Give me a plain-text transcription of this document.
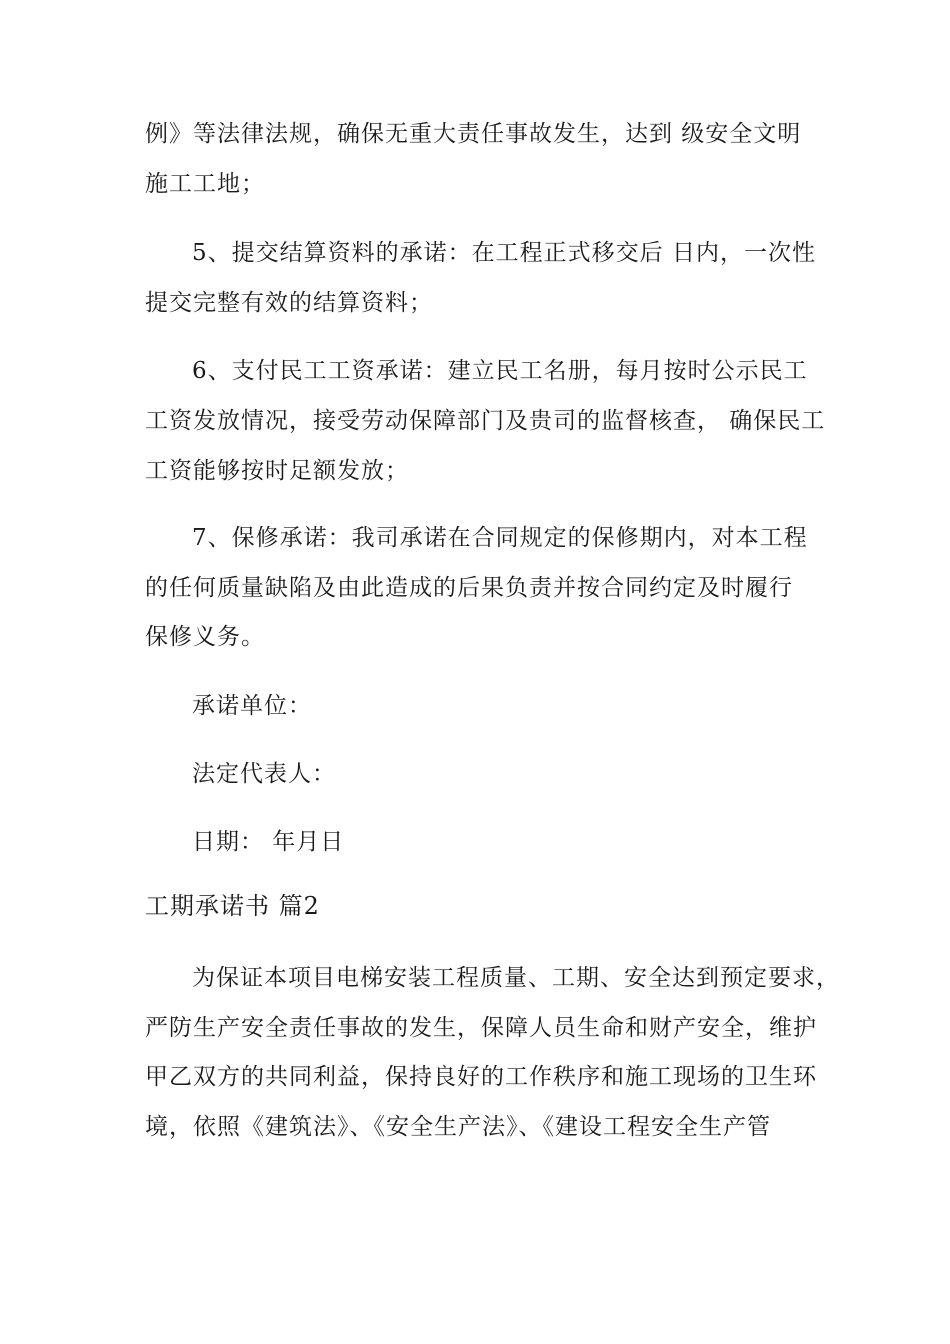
例》等法律法规，确保无重大责任事故发生，达到 级安全文明
施工工地；
5、提交结算资料的承诺：在工程正式移交后 日内，一次性
提交完整有效的结算资料；
6、支付民工工资承诺：建立民工名册，每月按时公示民工
工资发放情况，接受劳动保障部门及贵司的监督核查， 确保民工
工资能够按时足额发放；
7、保修承诺：我司承诺在合同规定的保修期内，对本工程
的任何质量缺陷及由此造成的后果负责并按合同约定及时履行
保修义务。
承诺单位：
法定代表人：
日期： 年月日
工期承诺书 篇2
为保证本项目电梯安装工程质量、工期、安全达到预定要求，
严防生产安全责任事故的发生，保障人员生命和财产安全，维护
甲乙双方的共同利益，保持良好的工作秩序和施工现场的卫生环
境，依照《建筑法》、《安全生产法》、《建设工程安全生产管
